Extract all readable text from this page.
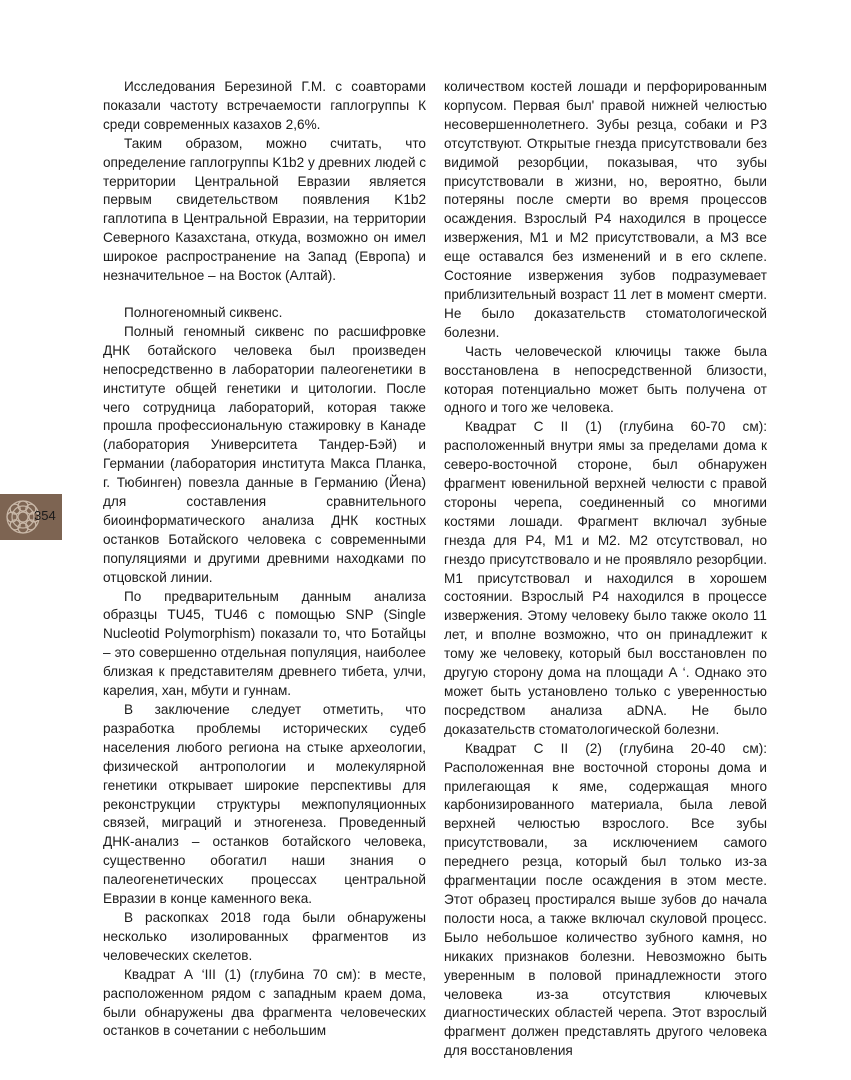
Исследования Березиной Г.М. с соавторами показали частоту встречаемости гаплогруппы К среди современных казахов 2,6%.

Таким образом, можно считать, что определение гаплогруппы K1b2 у древних людей с территории Центральной Евразии является первым свидетельством появления K1b2 гаплотипа в Центральной Евразии, на территории Северного Казахстана, откуда, возможно он имел широкое распространение на Запад (Европа) и незначительное – на Восток (Алтай).

Полногеномный сиквенс.

Полный геномный сиквенс по расшифровке ДНК ботайского человека был произведен непосредственно в лаборатории палеогенетики в институте общей генетики и цитологии. После чего сотрудница лабораторий, которая также прошла профессиональную стажировку в Канаде (лаборатория Университета Тандер-Бэй) и Германии (лаборатория института Макса Планка, г. Тюбинген) повезла данные в Германию (Йена) для составления сравнительного биоинформатического анализа ДНК костных останков Ботайского человека с современными популяциями и другими древними находками по отцовской линии.

По предварительным данным анализа образцы TU45, TU46 с помощью SNP (Single Nucleotid Polymorphism) показали то, что Ботайцы – это совершенно отдельная популяция, наиболее близкая к представителям древнего тибета, улчи, карелия, хан, мбути и гуннам.

В заключение следует отметить, что разработка проблемы исторических судеб населения любого региона на стыке археологии, физической антропологии и молекулярной генетики открывает широкие перспективы для реконструкции структуры межпопуляционных связей, миграций и этногенеза. Проведенный ДНК-анализ – останков ботайского человека, существенно обогатил наши знания о палеогенетических процессах центральной Евразии в конце каменного века.

В раскопках 2018 года были обнаружены несколько изолированных фрагментов из человеческих скелетов.

Квадрат А ‘III (1) (глубина 70 см): в месте, расположенном рядом с западным краем дома, были обнаружены два фрагмента человеческих останков в сочетании с небольшим

количеством костей лошади и перфорированным корпусом. Первая был' правой нижней челюстью несовершеннолетнего. Зубы резца, собаки и P3 отсутствуют. Открытые гнезда присутствовали без видимой резорбции, показывая, что зубы присутствовали в жизни, но, вероятно, были потеряны после смерти во время процессов осаждения. Взрослый P4 находился в процессе извержения, M1 и M2 присутствовали, а M3 все еще оставался без изменений и в его склепе. Состояние извержения зубов подразумевает приблизительный возраст 11 лет в момент смерти. Не было доказательств стоматологической болезни.

Часть человеческой ключицы также была восстановлена в непосредственной близости, которая потенциально может быть получена от одного и того же человека.

Квадрат C II (1) (глубина 60-70 см): расположенный внутри ямы за пределами дома к северо-восточной стороне, был обнаружен фрагмент ювенильной верхней челюсти с правой стороны черепа, соединенный со многими костями лошади. Фрагмент включал зубные гнезда для P4, M1 и M2. M2 отсутствовал, но гнездо присутствовало и не проявляло резорбции. M1 присутствовал и находился в хорошем состоянии. Взрослый P4 находился в процессе извержения. Этому человеку было также около 11 лет, и вполне возможно, что он принадлежит к тому же человеку, который был восстановлен по другую сторону дома на площади А ‘. Однако это может быть установлено только с уверенностью посредством анализа aDNA. Не было доказательств стоматологической болезни.

Квадрат C II (2) (глубина 20-40 см): Расположенная вне восточной стороны дома и прилегающая к яме, содержащая много карбонизированного материала, была левой верхней челюстью взрослого. Все зубы присутствовали, за исключением самого переднего резца, который был только из-за фрагментации после осаждения в этом месте. Этот образец простирался выше зубов до начала полости носа, а также включал скуловой процесс. Было небольшое количество зубного камня, но никаких признаков болезни. Невозможно быть уверенным в половой принадлежности этого человека из-за отсутствия ключевых диагностических областей черепа. Этот взрослый фрагмент должен представлять другого человека для восстановления

354
